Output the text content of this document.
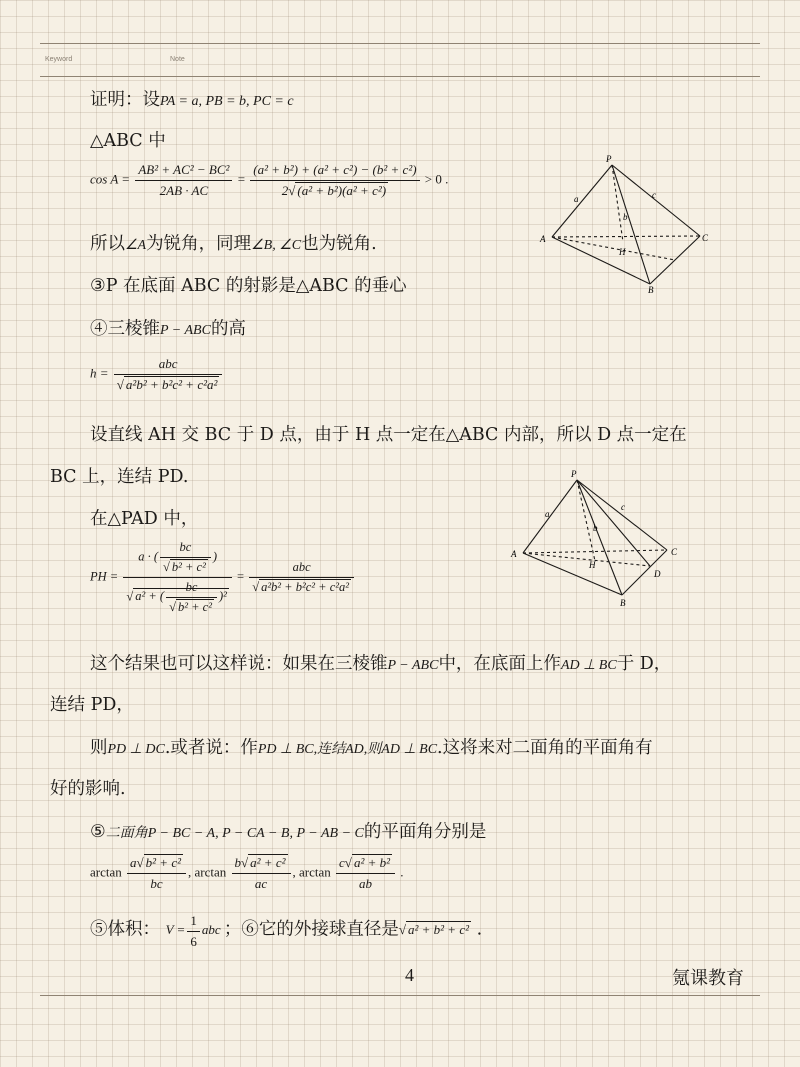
Keyword	Note
证明：设PA = a, PB = b, PC = c
△ABC 中
$\cos A = \frac{\text{AB² + AC² − BC²}}{2AB \cdot AC} = \frac{\text{(a² + b²) + (a² + c²) − (b² + c²)}}{\text{2√ (a² + b²)(a² + c²)}} > 0$ .
所以∠A为锐角，同理∠B, ∠C也为锐角.
③P 在底面 ABC 的射影是△ABC 的垂心
④三棱锥P − ABC的高
$h = \frac{\text{abc}}{\text{√ a²b² + b²c² + c²a²}}$
设直线 AH 交 BC 于 D 点，由于 H 点一定在△ABC 内部，所以 D 点一定在
BC 上，连结 PD.
在△PAD 中，
PH = $\frac{a \cdot ( \frac{bc}{\text{√ b² + c²}} )}{√ a^2 + ( \frac{bc}{\text{√ b² + c²}} )^2} = \frac{\text{abc}}{\text{√ a²b² + b²c² + c²a²}}$
这个结果也可以这样说：如果在三棱锥P − ABC中，在底面上作AD ⊥ BC于 D，
连结 PD，
则PD ⊥ DC.或者说：作PD ⊥ BC,连结AD,则AD ⊥ BC.这将来对二面角的平面角有
好的影响.
⑤二面角P − BC − A, P − CA − B, P − AB − C的平面角分别是
$\arctan \frac{\text{a√ b² + c²}}{bc}$ , $\arctan \frac{\text{b√ a² + c²}}{ac}$ , $\arctan \frac{\text{c√ a² + b²}}{ab}$ .
⑤体积： $V = \frac{1}{6}$ abc ；⑥它的外接球直径是√ a² + b² + c² .
P
A
B
C
H
a
b
c
P
A
B
C
D
H
a
b
c
4	氪课教育
